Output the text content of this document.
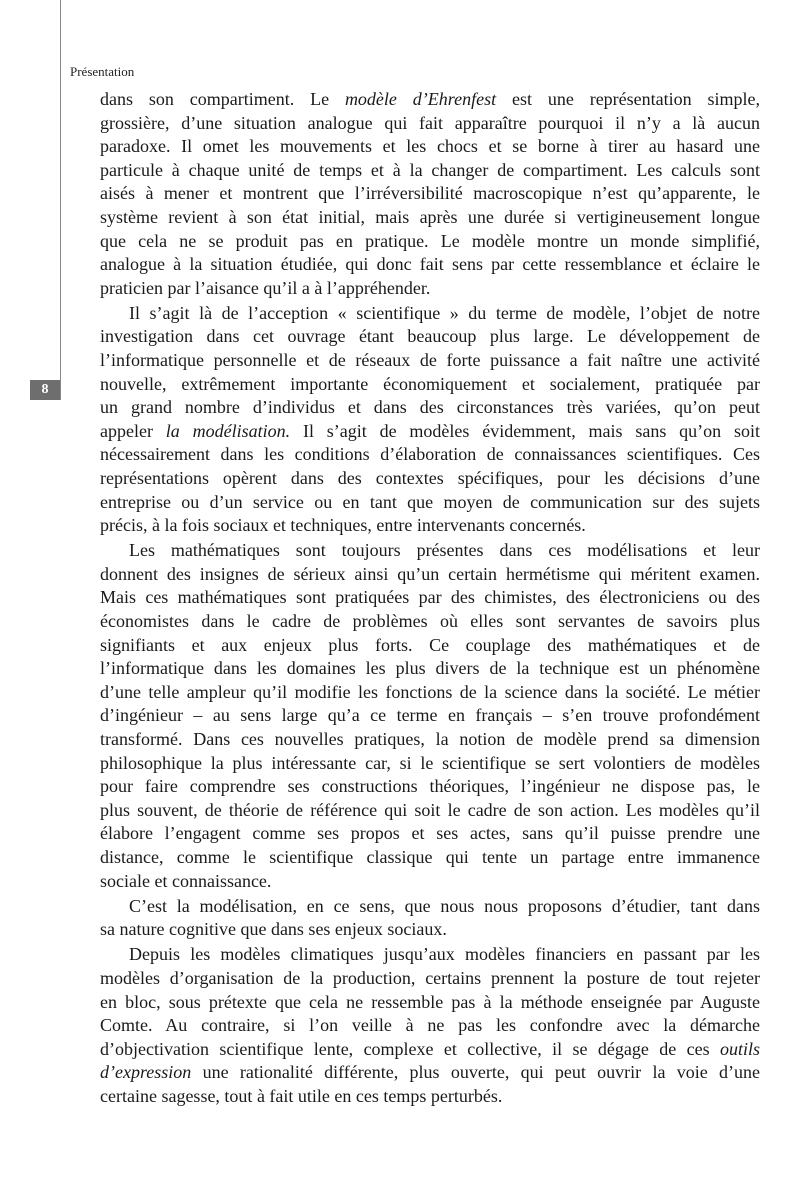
8
Présentation
dans son compartiment. Le modèle d’Ehrenfest est une représentation simple,
grossière, d’une situation analogue qui fait apparaître pourquoi il n’y a là aucun
paradoxe. Il omet les mouvements et les chocs et se borne à tirer au hasard une
particule à chaque unité de temps et à la changer de compartiment. Les calculs sont
aisés à mener et montrent que l’irréversibilité macroscopique n’est qu’apparente, le
système revient à son état initial, mais après une durée si vertigineusement longue
que cela ne se produit pas en pratique. Le modèle montre un monde simplifié,
analogue à la situation étudiée, qui donc fait sens par cette ressemblance et éclaire le
praticien par l’aisance qu’il a à l’appréhender.
Il s’agit là de l’acception « scientifique » du terme de modèle, l’objet de notre
investigation dans cet ouvrage étant beaucoup plus large. Le développement de
l’informatique personnelle et de réseaux de forte puissance a fait naître une activité
nouvelle, extrêmement importante économiquement et socialement, pratiquée par
un grand nombre d’individus et dans des circonstances très variées, qu’on peut
appeler la modélisation. Il s’agit de modèles évidemment, mais sans qu’on soit
nécessairement dans les conditions d’élaboration de connaissances scientifiques. Ces
représentations opèrent dans des contextes spécifiques, pour les décisions d’une
entreprise ou d’un service ou en tant que moyen de communication sur des sujets
précis, à la fois sociaux et techniques, entre intervenants concernés.
Les mathématiques sont toujours présentes dans ces modélisations et leur
donnent des insignes de sérieux ainsi qu’un certain hermétisme qui méritent examen.
Mais ces mathématiques sont pratiquées par des chimistes, des électroniciens ou des
économistes dans le cadre de problèmes où elles sont servantes de savoirs plus
signifiants et aux enjeux plus forts. Ce couplage des mathématiques et de
l’informatique dans les domaines les plus divers de la technique est un phénomène
d’une telle ampleur qu’il modifie les fonctions de la science dans la société. Le métier
d’ingénieur – au sens large qu’a ce terme en français – s’en trouve profondément
transformé. Dans ces nouvelles pratiques, la notion de modèle prend sa dimension
philosophique la plus intéressante car, si le scientifique se sert volontiers de modèles
pour faire comprendre ses constructions théoriques, l’ingénieur ne dispose pas, le
plus souvent, de théorie de référence qui soit le cadre de son action. Les modèles qu’il
élabore l’engagent comme ses propos et ses actes, sans qu’il puisse prendre une
distance, comme le scientifique classique qui tente un partage entre immanence
sociale et connaissance.
C’est la modélisation, en ce sens, que nous nous proposons d’étudier, tant dans
sa nature cognitive que dans ses enjeux sociaux.
Depuis les modèles climatiques jusqu’aux modèles financiers en passant par les
modèles d’organisation de la production, certains prennent la posture de tout rejeter
en bloc, sous prétexte que cela ne ressemble pas à la méthode enseignée par Auguste
Comte. Au contraire, si l’on veille à ne pas les confondre avec la démarche
d’objectivation scientifique lente, complexe et collective, il se dégage de ces outils
d’expression une rationalité différente, plus ouverte, qui peut ouvrir la voie d’une
certaine sagesse, tout à fait utile en ces temps perturbés.
